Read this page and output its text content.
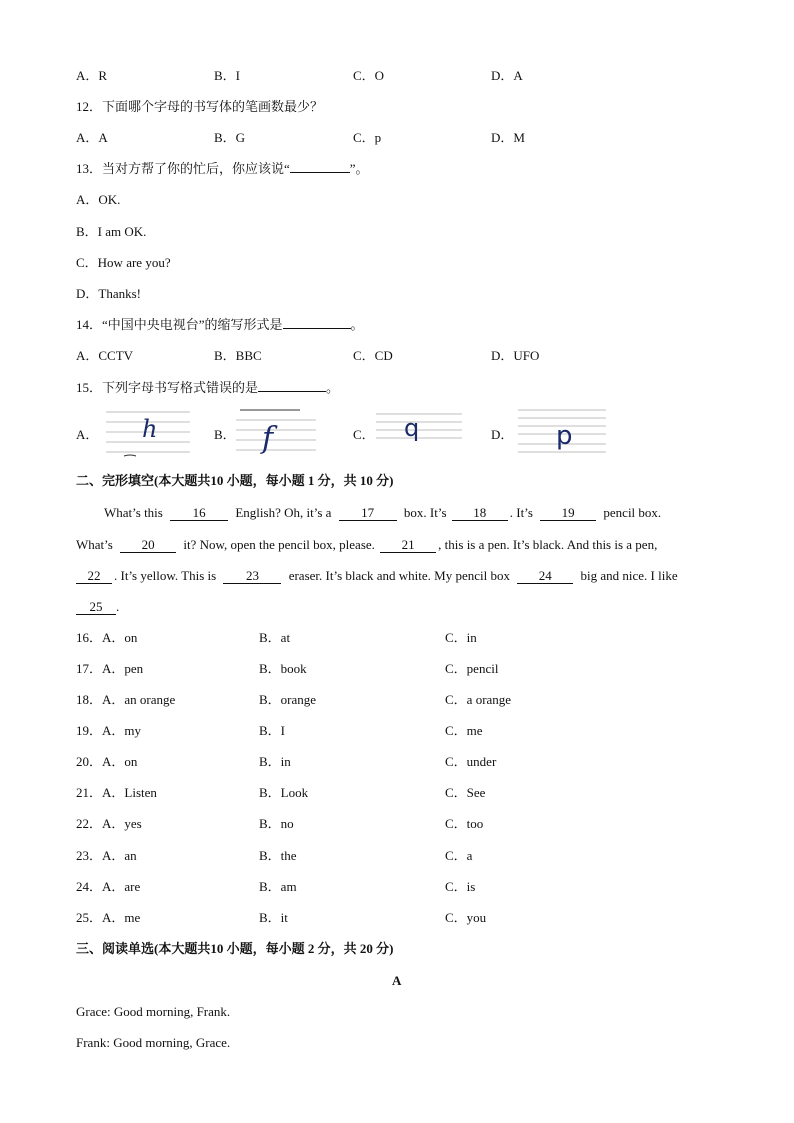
A．R	B．I	C．O	D．A
12．下面哪个字母的书写体的笔画数最少？
A．A	B．G	C．p	D．M
13．当对方帮了你的忙后，你应该说“	”。
A．OK.
B．I am OK.
C．How are you?
D．Thanks!
14．“中国中央电视台”的缩写形式是	。
A．CCTV	B．BBC	C．CD	D．UFO
15．下列字母书写格式错误的是	。
A． h	B． f	C． q	D． p
二、完形填空(本大题共10 小题，每小题 1 分，共 10 分)
What’s this 16 English? Oh, it’s a 17 box. It’s 18 . It’s 19 pencil box.
What’s 20 it? Now, open the pencil box, please. 21 , this is a pen. It’s black. And this is a pen,
22 . It’s yellow. This is 23 eraser. It’s black and white. My pencil box 24 big and nice. I like
25 .
16．A．on	B．at	C．in
17．A．pen	B．book	C．pencil
18．A．an orange	B．orange	C．a orange
19．A．my	B．I	C．me
20．A．on	B．in	C．under
21．A．Listen	B．Look	C．See
22．A．yes	B．no	C．too
23．A．an	B．the	C．a
24．A．are	B．am	C．is
25．A．me	B．it	C．you
三、阅读单选(本大题共10 小题，每小题 2 分，共 20 分)
A
Grace: Good morning, Frank.
Frank: Good morning, Grace.
